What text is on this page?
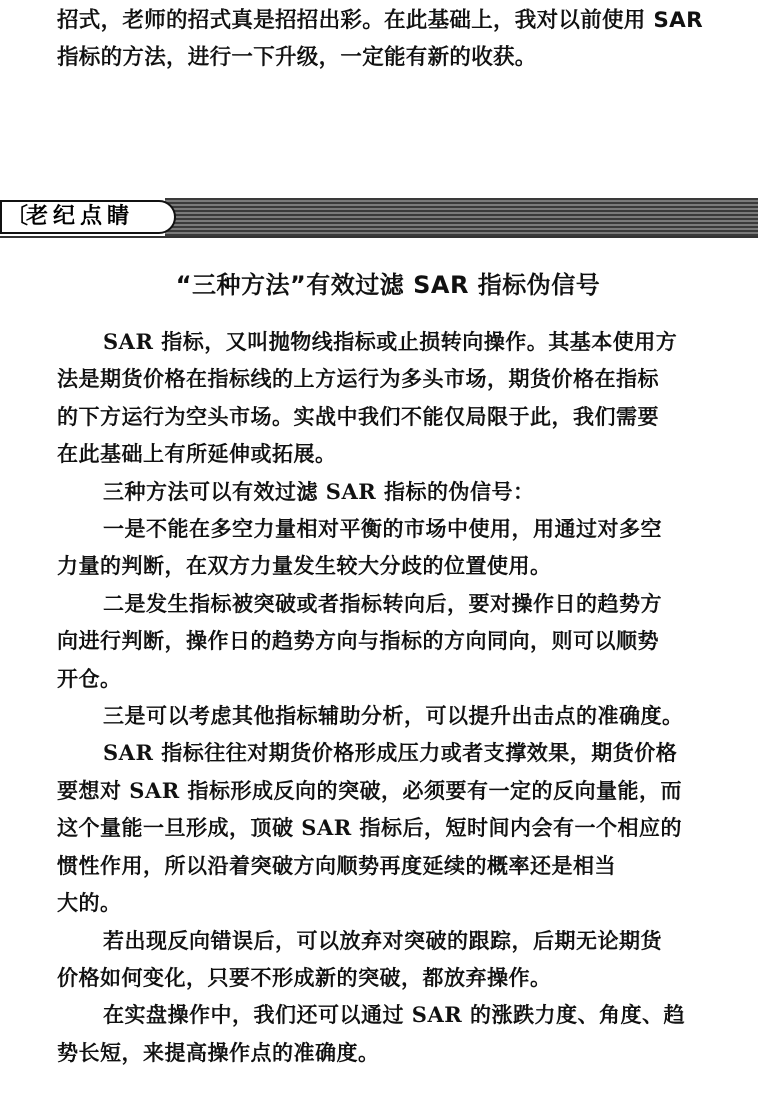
招式，老师的招式真是招招出彩。在此基础上，我对以前使用 SAR

指标的方法，进行一下升级，一定能有新的收获。

〔
老纪点睛
“三种方法”有效过滤 SAR 指标伪信号

SAR 指标，又叫抛物线指标或止损转向操作。其基本使用方

法是期货价格在指标线的上方运行为多头市场，期货价格在指标

的下方运行为空头市场。实战中我们不能仅局限于此，我们需要

在此基础上有所延伸或拓展。

三种方法可以有效过滤 SAR 指标的伪信号：

一是不能在多空力量相对平衡的市场中使用，用通过对多空

力量的判断，在双方力量发生较大分歧的位置使用。

二是发生指标被突破或者指标转向后，要对操作日的趋势方

向进行判断，操作日的趋势方向与指标的方向同向，则可以顺势

开仓。

三是可以考虑其他指标辅助分析，可以提升出击点的准确度。

SAR 指标往往对期货价格形成压力或者支撑效果，期货价格

要想对 SAR 指标形成反向的突破，必须要有一定的反向量能，而

这个量能一旦形成，顶破 SAR 指标后，短时间内会有一个相应的

惯性作用，所以沿着突破方向顺势再度延续的概率还是相当

大的。

若出现反向错误后，可以放弃对突破的跟踪，后期无论期货

价格如何变化，只要不形成新的突破，都放弃操作。

在实盘操作中，我们还可以通过 SAR 的涨跌力度、角度、趋

势长短，来提高操作点的准确度。
